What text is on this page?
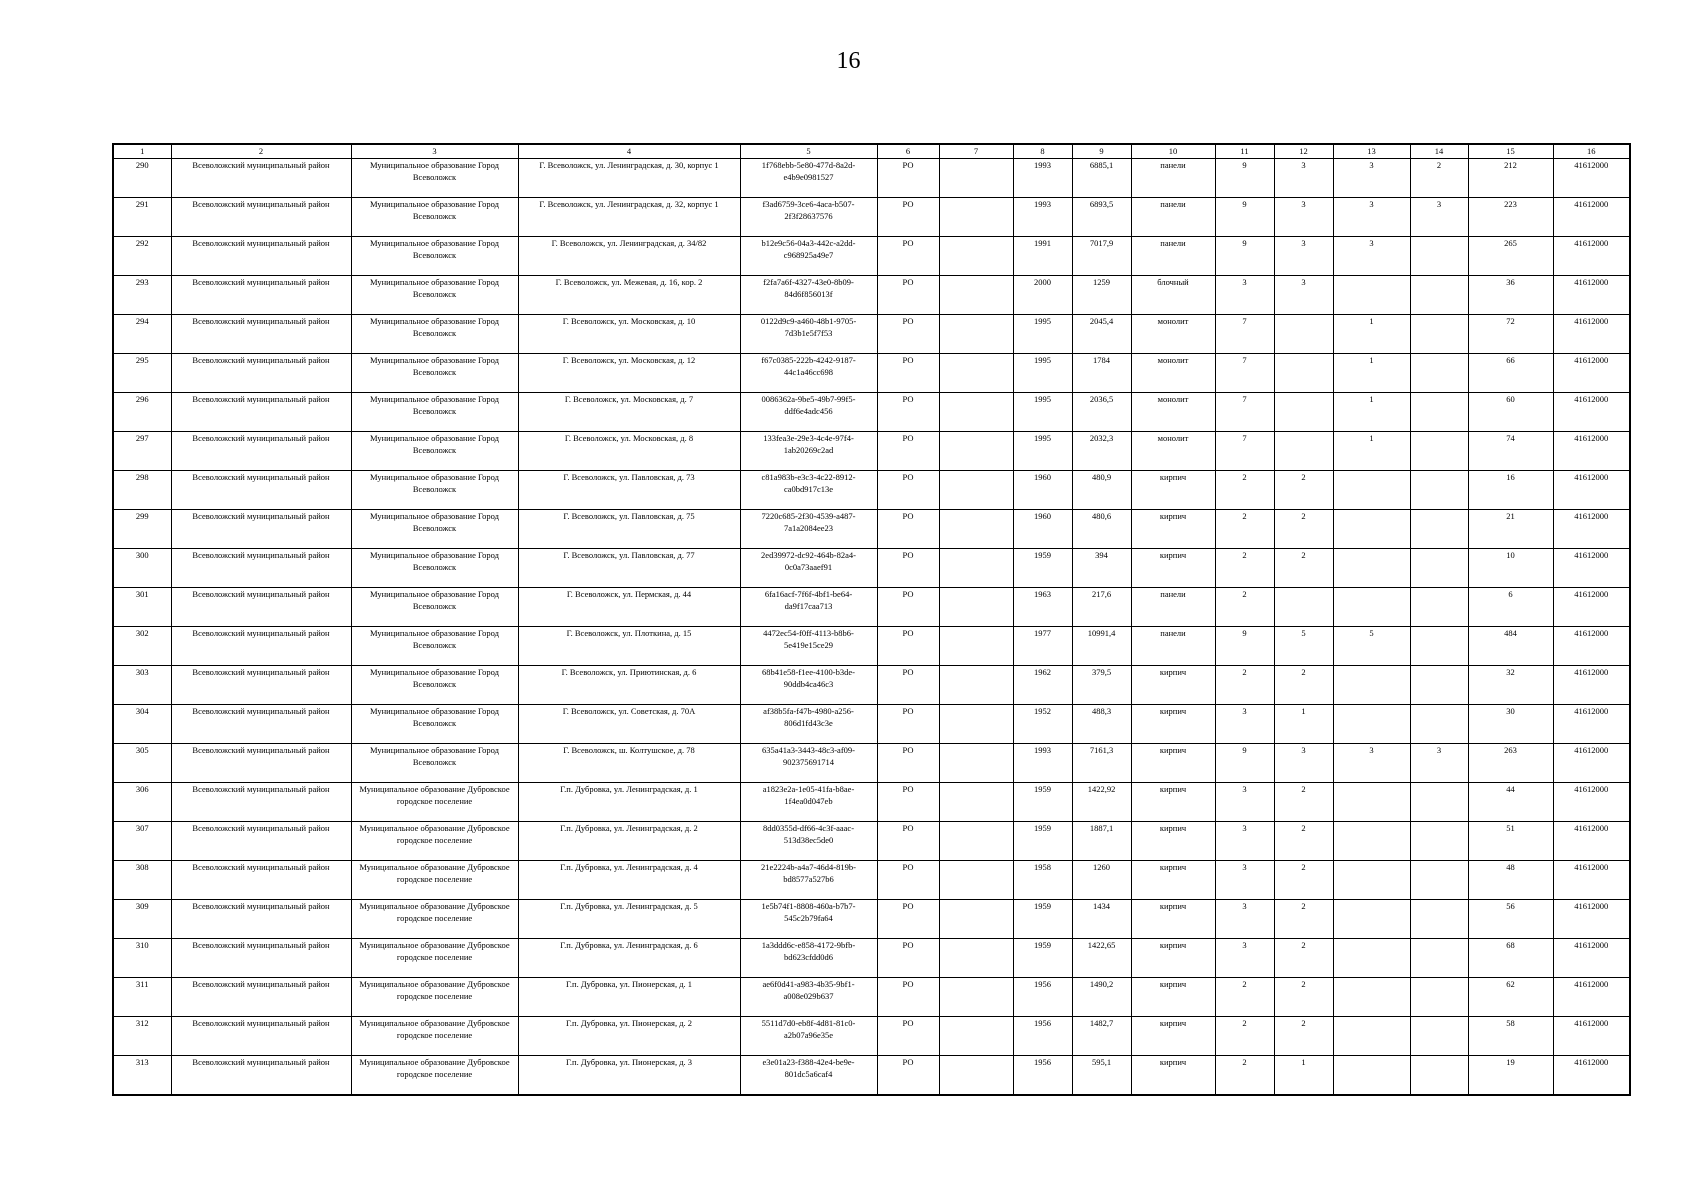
16
1	2	3	4	5	6	7	8	9	10	11	12	13	14	15	16
290	Всеволожский муниципальный район	Муниципальное образование Город Всеволожск	Г. Всеволожск, ул. Ленинградская, д. 30, корпус 1	1f768ebb-5e80-477d-8a2d-e4b9e0981527	РО		1993	6885,1	панели	9	3	3	2	212	41612000
291	Всеволожский муниципальный район	Муниципальное образование Город Всеволожск	Г. Всеволожск, ул. Ленинградская, д. 32, корпус 1	f3ad6759-3ce6-4aca-b507-2f3f28637576	РО		1993	6893,5	панели	9	3	3	3	223	41612000
292	Всеволожский муниципальный район	Муниципальное образование Город Всеволожск	Г. Всеволожск, ул. Ленинградская, д. 34/82	b12e9c56-04a3-442c-a2dd-c968925a49e7	РО		1991	7017,9	панели	9	3	3		265	41612000
293	Всеволожский муниципальный район	Муниципальное образование Город Всеволожск	Г. Всеволожск, ул. Межевая, д. 16, кор. 2	f2fa7a6f-4327-43e0-8b09-84d6f856013f	РО		2000	1259	блочный	3	3			36	41612000
294	Всеволожский муниципальный район	Муниципальное образование Город Всеволожск	Г. Всеволожск, ул. Московская, д. 10	0122d9c9-a460-48b1-9705-7d3b1e5f7f53	РО		1995	2045,4	монолит	7		1		72	41612000
295	Всеволожский муниципальный район	Муниципальное образование Город Всеволожск	Г. Всеволожск, ул. Московская, д. 12	f67c0385-222b-4242-9187-44c1a46cc698	РО		1995	1784	монолит	7		1		66	41612000
296	Всеволожский муниципальный район	Муниципальное образование Город Всеволожск	Г. Всеволожск, ул. Московская, д. 7	0086362a-9be5-49b7-99f5-ddf6e4adc456	РО		1995	2036,5	монолит	7		1		60	41612000
297	Всеволожский муниципальный район	Муниципальное образование Город Всеволожск	Г. Всеволожск, ул. Московская, д. 8	133fea3e-29e3-4c4e-97f4-1ab20269c2ad	РО		1995	2032,3	монолит	7		1		74	41612000
298	Всеволожский муниципальный район	Муниципальное образование Город Всеволожск	Г. Всеволожск, ул. Павловская, д. 73	c81a983b-e3c3-4c22-8912-ca0bd917c13e	РО		1960	480,9	кирпич	2	2			16	41612000
299	Всеволожский муниципальный район	Муниципальное образование Город Всеволожск	Г. Всеволожск, ул. Павловская, д. 75	7220c685-2f30-4539-a487-7a1a2084ee23	РО		1960	480,6	кирпич	2	2			21	41612000
300	Всеволожский муниципальный район	Муниципальное образование Город Всеволожск	Г. Всеволожск, ул. Павловская, д. 77	2ed39972-dc92-464b-82a4-0c0a73aaef91	РО		1959	394	кирпич	2	2			10	41612000
301	Всеволожский муниципальный район	Муниципальное образование Город Всеволожск	Г. Всеволожск, ул. Пермская, д. 44	6fa16acf-7f6f-4bf1-be64-da9f17caa713	РО		1963	217,6	панели	2				6	41612000
302	Всеволожский муниципальный район	Муниципальное образование Город Всеволожск	Г. Всеволожск, ул. Плоткина, д. 15	4472ec54-f0ff-4113-b8b6-5e419e15ce29	РО		1977	10991,4	панели	9	5	5		484	41612000
303	Всеволожский муниципальный район	Муниципальное образование Город Всеволожск	Г. Всеволожск, ул. Приютинская, д. 6	68b41e58-f1ee-4100-b3de-90ddb4ca46c3	РО		1962	379,5	кирпич	2	2			32	41612000
304	Всеволожский муниципальный район	Муниципальное образование Город Всеволожск	Г. Всеволожск, ул. Советская, д. 70А	af38b5fa-f47b-4980-a256-806d1fd43c3e	РО		1952	488,3	кирпич	3	1			30	41612000
305	Всеволожский муниципальный район	Муниципальное образование Город Всеволожск	Г. Всеволожск, ш. Колтушское, д. 78	635a41a3-3443-48c3-af09-902375691714	РО		1993	7161,3	кирпич	9	3	3	3	263	41612000
306	Всеволожский муниципальный район	Муниципальное образование Дубровское городское поселение	Г.п. Дубровка, ул. Ленинградская, д. 1	a1823e2a-1e05-41fa-b8ae-1f4ea0d047eb	РО		1959	1422,92	кирпич	3	2			44	41612000
307	Всеволожский муниципальный район	Муниципальное образование Дубровское городское поселение	Г.п. Дубровка, ул. Ленинградская, д. 2	8dd0355d-df66-4c3f-aaac-513d38ec5de0	РО		1959	1887,1	кирпич	3	2			51	41612000
308	Всеволожский муниципальный район	Муниципальное образование Дубровское городское поселение	Г.п. Дубровка, ул. Ленинградская, д. 4	21e2224b-a4a7-46d4-819b-bd8577a527b6	РО		1958	1260	кирпич	3	2			48	41612000
309	Всеволожский муниципальный район	Муниципальное образование Дубровское городское поселение	Г.п. Дубровка, ул. Ленинградская, д. 5	1e5b74f1-8808-460a-b7b7-545c2b79fa64	РО		1959	1434	кирпич	3	2			56	41612000
310	Всеволожский муниципальный район	Муниципальное образование Дубровское городское поселение	Г.п. Дубровка, ул. Ленинградская, д. 6	1a3ddd6c-e858-4172-9bfb-bd623cfdd0d6	РО		1959	1422,65	кирпич	3	2			68	41612000
311	Всеволожский муниципальный район	Муниципальное образование Дубровское городское поселение	Г.п. Дубровка, ул. Пионерская, д. 1	ae6f0d41-a983-4b35-9bf1-a008e029b637	РО		1956	1490,2	кирпич	2	2			62	41612000
312	Всеволожский муниципальный район	Муниципальное образование Дубровское городское поселение	Г.п. Дубровка, ул. Пионерская, д. 2	5511d7d0-eb8f-4d81-81c0-a2b07a96e35e	РО		1956	1482,7	кирпич	2	2			58	41612000
313	Всеволожский муниципальный район	Муниципальное образование Дубровское городское поселение	Г.п. Дубровка, ул. Пионерская, д. 3	e3e01a23-f388-42e4-be9e-801dc5a6caf4	РО		1956	595,1	кирпич	2	1			19	41612000
